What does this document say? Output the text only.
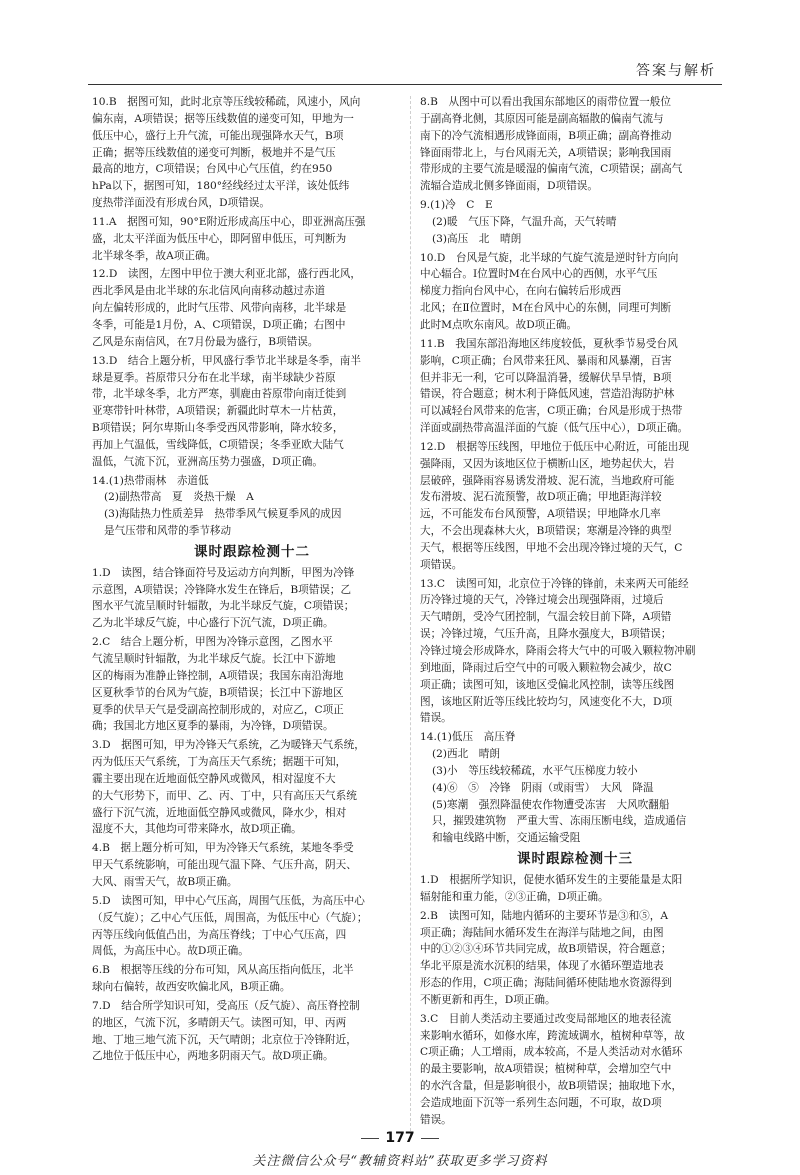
答案与解析
10.B　据图可知，此时北京等压线较稀疏，风速小，风向
偏东南，A项错误；据等压线数值的递变可知，甲地为一
低压中心，盛行上升气流，可能出现强降水天气，B项
正确；据等压线数值的递变可判断，极地并不是气压
最高的地方，C项错误；台风中心气压值，约在950
hPa以下，据图可知，180°经线经过太平洋，该处低纬
度热带洋面没有形成台风，D项错误。
11.A　据图可知，90°E附近形成高压中心，即亚洲高压强
盛，北太平洋面为低压中心，即阿留申低压，可判断为
北半球冬季，故A项正确。
12.D　读图，左图中甲位于澳大利亚北部，盛行西北风，
西北季风是由北半球的东北信风向南移动越过赤道
向左偏转形成的，此时气压带、风带向南移，北半球是
冬季，可能是1月份，A、C项错误，D项正确；右图中
乙风是东南信风，在7月份最为盛行，B项错误。
13.D　结合上题分析，甲风盛行季节北半球是冬季，南半
球是夏季。苔原带只分布在北半球，南半球缺少苔原
带，北半球冬季，北方严寒，驯鹿由苔原带向南迁徙到
亚寒带针叶林带，A项错误；新疆此时草木一片枯黄，
B项错误；阿尔卑斯山冬季受西风带影响，降水较多，
再加上气温低，雪线降低，C项错误；冬季亚欧大陆气
温低，气流下沉，亚洲高压势力强盛，D项正确。
14.(1)热带雨林　赤道低
(2)副热带高　夏　炎热干燥　A
(3)海陆热力性质差异　热带季风气候夏季风的成因
是气压带和风带的季节移动
课时跟踪检测十二
1.D　读图，结合锋面符号及运动方向判断，甲图为冷锋
示意图，A项错误；冷锋降水发生在锋后，B项错误；乙
图水平气流呈顺时针辐散，为北半球反气旋，C项错误；
乙为北半球反气旋，中心盛行下沉气流，D项正确。
2.C　结合上题分析，甲图为冷锋示意图，乙图水平
气流呈顺时针辐散，为北半球反气旋。长江中下游地
区的梅雨为准静止锋控制，A项错误；我国东南沿海地
区夏秋季节的台风为气旋，B项错误；长江中下游地区
夏季的伏旱天气是受副高控制形成的，对应乙，C项正
确；我国北方地区夏季的暴雨，为冷锋，D项错误。
3.D　据图可知，甲为冷锋天气系统，乙为暖锋天气系统，
丙为低压天气系统，丁为高压天气系统；据题干可知，
霾主要出现在近地面低空静风或微风，相对湿度不大
的大气形势下，而甲、乙、丙、丁中，只有高压天气系统
盛行下沉气流，近地面低空静风或微风，降水少，相对
湿度不大，其他均可带来降水，故D项正确。
4.B　据上题分析可知，甲为冷锋天气系统，某地冬季受
甲天气系统影响，可能出现气温下降、气压升高，阴天、
大风、雨雪天气，故B项正确。
5.D　读图可知，甲中心气压高，周围气压低，为高压中心
（反气旋）；乙中心气压低，周围高，为低压中心（气旋）；
丙等压线向低值凸出，为高压脊线；丁中心气压高，四
周低，为高压中心。故D项正确。
6.B　根据等压线的分布可知，风从高压指向低压，北半
球向右偏转，故西安吹偏北风，B项正确。
7.D　结合所学知识可知，受高压（反气旋）、高压脊控制
的地区，气流下沉，多晴朗天气。读图可知，甲、丙两
地、丁地三地气流下沉，天气晴朗；北京位于冷锋附近，
乙地位于低压中心，两地多阴雨天气。故D项正确。
8.B　从图中可以看出我国东部地区的雨带位置一般位
于副高脊北侧，其原因可能是副高辐散的偏南气流与
南下的冷气流相遇形成锋面雨，B项正确；副高脊推动
锋面雨带北上，与台风雨无关，A项错误；影响我国雨
带形成的主要气流是暖湿的偏南气流，C项错误；副高气
流辐合造成北侧多锋面雨，D项错误。
9.(1)冷　C　E
(2)暖　气压下降，气温升高，天气转晴
(3)高压　北　晴朗
10.D　台风是气旋，北半球的气旋气流是逆时针方向向
中心辐合。Ⅰ位置时M在台风中心的西侧，水平气压
梯度力指向台风中心，在向右偏转后形成西
北风；在Ⅱ位置时，M在台风中心的东侧，同理可判断
此时M点吹东南风。故D项正确。
11.B　我国东部沿海地区纬度较低，夏秋季节易受台风
影响，C项正确；台风带来狂风、暴雨和风暴潮，百害
但并非无一利，它可以降温消暑，缓解伏旱旱情，B项
错误，符合题意；树木利于降低风速，营造沿海防护林
可以减轻台风带来的危害，C项正确；台风是形成于热带
洋面或副热带高温洋面的气旋（低气压中心），D项正确。
12.D　根据等压线图，甲地位于低压中心附近，可能出现
强降雨，又因为该地区位于横断山区，地势起伏大，岩
层破碎，强降雨容易诱发滑坡、泥石流，当地政府可能
发布滑坡、泥石流预警，故D项正确；甲地距海洋较
远，不可能发布台风预警，A项错误；甲地降水几率
大，不会出现森林大火，B项错误；寒潮是冷锋的典型
天气，根据等压线图，甲地不会出现冷锋过境的天气，C
项错误。
13.C　读图可知，北京位于冷锋的锋前，未来两天可能经
历冷锋过境的天气，冷锋过境会出现强降雨，过境后
天气晴朗，受冷气团控制，气温会较目前下降，A项错
误；冷锋过境，气压升高，且降水强度大，B项错误；
冷锋过境会形成降水，降雨会将大气中的可吸入颗粒物冲刷
到地面，降雨过后空气中的可吸入颗粒物会减少，故C
项正确；读图可知，该地区受偏北风控制，读等压线图
图，该地区附近等压线比较均匀，风速变化不大，D项
错误。
14.(1)低压　高压脊
(2)西北　晴朗
(3)小　等压线较稀疏，水平气压梯度力较小
(4)⑥　⑤　冷锋　阴雨（或雨雪）　大风　降温
(5)寒潮　强烈降温使农作物遭受冻害　大风吹翻船
只，摧毁建筑物　严重大雪、冻雨压断电线，造成通信
和输电线路中断，交通运输受阻
课时跟踪检测十三
1.D　根据所学知识，促使水循环发生的主要能量是太阳
辐射能和重力能，②③正确，D项正确。
2.B　读图可知，陆地内循环的主要环节是③和⑤，A
项正确；海陆间水循环发生在海洋与陆地之间，由图
中的①②③④环节共同完成，故B项错误，符合题意；
华北平原是流水沉积的结果，体现了水循环塑造地表
形态的作用，C项正确；海陆间循环使陆地水资源得到
不断更新和再生，D项正确。
3.C　目前人类活动主要通过改变局部地区的地表径流
来影响水循环，如修水库，跨流域调水，植树种草等，故
C项正确；人工增雨，成本较高，不是人类活动对水循环
的最主要影响，故A项错误；植树种草，会增加空气中
的水汽含量，但是影响很小，故B项错误；抽取地下水，
会造成地面下沉等一系列生态问题，不可取，故D项
错误。
177
关注微信公众号“教辅资料站”获取更多学习资料
